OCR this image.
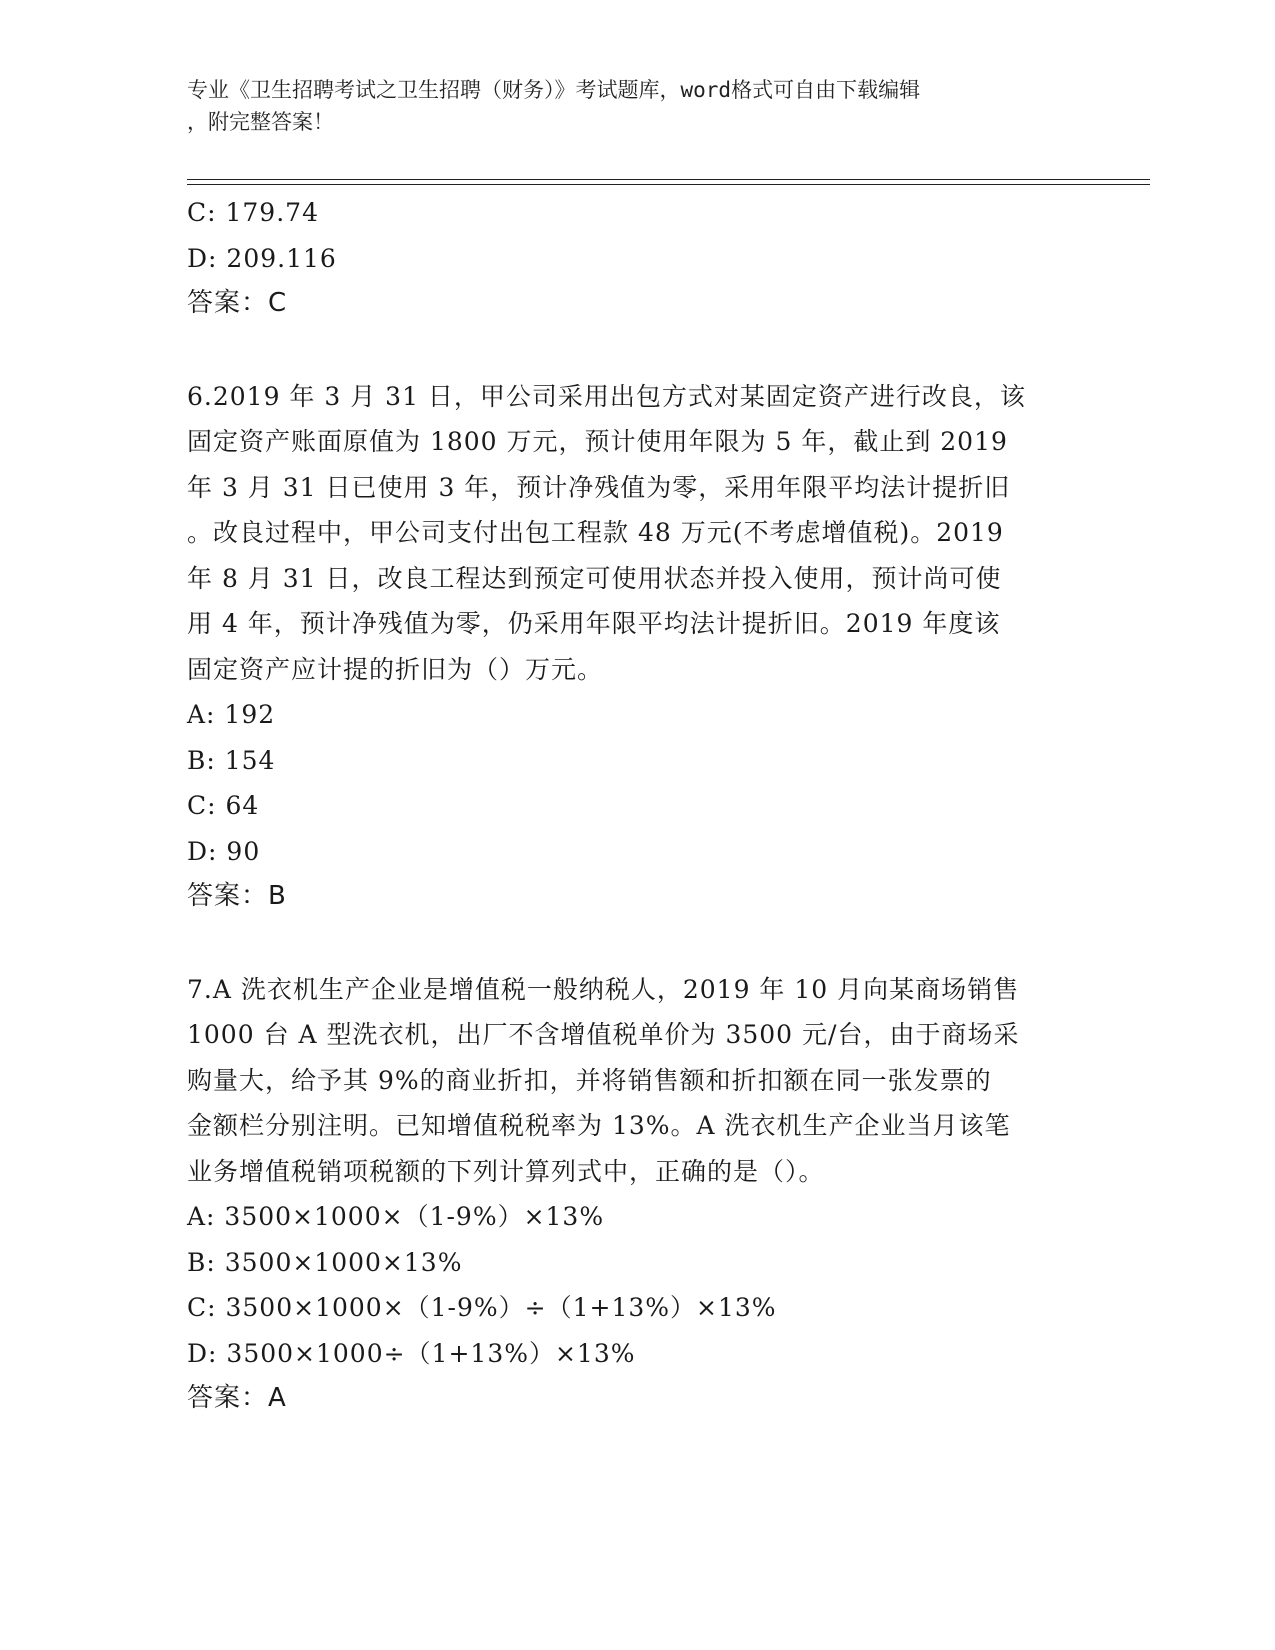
专业《卫生招聘考试之卫生招聘（财务）》考试题库，word格式可自由下载编辑
，附完整答案！
C: 179.74
D: 209.116
答案：C
6.2019 年 3 月 31 日，甲公司采用出包方式对某固定资产进行改良，该
固定资产账面原值为 1800 万元，预计使用年限为 5 年，截止到 2019
年 3 月 31 日已使用 3 年，预计净残值为零，采用年限平均法计提折旧
。改良过程中，甲公司支付出包工程款 48 万元(不考虑增值税)。2019
年 8 月 31 日，改良工程达到预定可使用状态并投入使用，预计尚可使
用 4 年，预计净残值为零，仍采用年限平均法计提折旧。2019 年度该
固定资产应计提的折旧为（）万元。
A: 192
B: 154
C: 64
D: 90
答案：B
7.A 洗衣机生产企业是增值税一般纳税人，2019 年 10 月向某商场销售
1000 台 A 型洗衣机，出厂不含增值税单价为 3500 元/台，由于商场采
购量大，给予其 9%的商业折扣，并将销售额和折扣额在同一张发票的
金额栏分别注明。已知增值税税率为 13%。A 洗衣机生产企业当月该笔
业务增值税销项税额的下列计算列式中，正确的是（）。
A: 3500×1000×（1-9%）×13%
B: 3500×1000×13%
C: 3500×1000×（1-9%）÷（1+13%）×13%
D: 3500×1000÷（1+13%）×13%
答案：A
